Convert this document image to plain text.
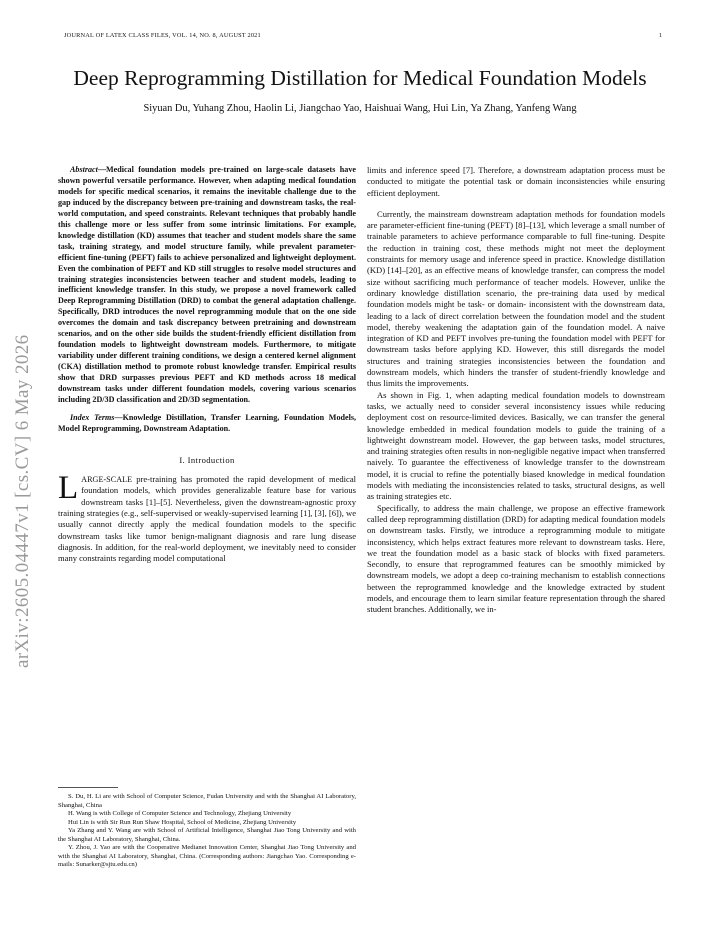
JOURNAL OF LATEX CLASS FILES, VOL. 14, NO. 8, AUGUST 2021	1
Deep Reprogramming Distillation for Medical Foundation Models
Siyuan Du, Yuhang Zhou, Haolin Li, Jiangchao Yao, Haishuai Wang, Hui Lin, Ya Zhang, Yanfeng Wang
arXiv:2605.04447v1 [cs.CV] 6 May 2026

Abstract—Medical foundation models pre-trained on large-scale datasets have shown powerful versatile performance. However, when adapting medical foundation models for specific medical scenarios, it remains the inevitable challenge due to the gap induced by the discrepancy between pre-training and downstream tasks, the real-world computation, and speed constraints. Relevant techniques that probably handle this challenge more or less suffer from some intrinsic limitations. For example, knowledge distillation (KD) assumes that teacher and student models share the same task, training strategy, and model structure family, while prevalent parameter-efficient fine-tuning (PEFT) fails to achieve personalized and lightweight deployment. Even the combination of PEFT and KD still struggles to resolve model structures and training strategies inconsistencies between teacher and student models, leading to inefficient knowledge transfer. In this study, we propose a novel framework called Deep Reprogramming Distillation (DRD) to combat the general adaptation challenge. Specifically, DRD introduces the novel reprogramming module that on the one side overcomes the domain and task discrepancy between pretraining and downstream scenarios, and on the other side builds the student-friendly efficient distillation from foundation models to lightweight downstream models. Furthermore, to mitigate variability under different training conditions, we design a centered kernel alignment (CKA) distillation method to promote robust knowledge transfer. Empirical results show that DRD surpasses previous PEFT and KD methods across 18 medical downstream tasks under different foundation models, covering various scenarios including 2D/3D classification and 2D/3D segmentation.

Index Terms—Knowledge Distillation, Transfer Learning, Foundation Models, Model Reprogramming, Downstream Adaptation.

I. Introduction

LARGE-SCALE pre-training has promoted the rapid development of medical foundation models, which provides generalizable feature base for various downstream tasks [1]–[5]. Nevertheless, given the downstream-agnostic proxy training strategies (e.g., self-supervised or weakly-supervised learning [1], [3], [6]), we usually cannot directly apply the medical foundation models to the specific downstream tasks like tumor benign-malignant diagnosis and rare lung disease diagnosis. In addition, for the real-world deployment, we inevitably need to consider many constraints regarding model computational

S. Du, H. Li are with School of Computer Science, Fudan University and with the Shanghai AI Laboratory, Shanghai, China

H. Wang is with College of Computer Science and Technology, Zhejiang University

Hui Lin is with Sir Run Run Shaw Hospital, School of Medicine, Zhejiang University

Ya Zhang and Y. Wang are with School of Artificial Intelligence, Shanghai Jiao Tong University and with the Shanghai AI Laboratory, Shanghai, China.

Y. Zhou, J. Yao are with the Cooperative Medianet Innovation Center, Shanghai Jiao Tong University and with the Shanghai AI Laboratory, Shanghai, China. (Corresponding authors: Jiangchao Yao. Corresponding e-mails: Sunarker@sjtu.edu.cn)

limits and inference speed [7]. Therefore, a downstream adaptation process must be conducted to mitigate the potential task or domain inconsistencies while ensuring efficient deployment.

Currently, the mainstream downstream adaptation methods for foundation models are parameter-efficient fine-tuning (PEFT) [8]–[13], which leverage a small number of trainable parameters to achieve performance comparable to full fine-tuning. Despite the reduction in training cost, these methods might not meet the deployment constraints for memory usage and inference speed in practice. Knowledge distillation (KD) [14]–[20], as an effective means of knowledge transfer, can compress the model size without sacrificing much performance of teacher models. However, unlike the ordinary knowledge distillation scenario, the pre-training data used by medical foundation models might be task- or domain- inconsistent with the downstream data, leading to a lack of direct correlation between the foundation model and the student model, thereby weakening the adaptation gain of the foundation model. A naive integration of KD and PEFT involves pre-tuning the foundation model with PEFT for downstream tasks before applying KD. However, this still disregards the model structures and training strategies inconsistencies between the foundation and downstream models, which hinders the transfer of student-friendly knowledge and thus limits the improvements.

As shown in Fig. 1, when adapting medical foundation models to downstream tasks, we actually need to consider several inconsistency issues while reducing deployment cost on resource-limited devices. Basically, we can transfer the general knowledge embedded in medical foundation models to guide the training of a lightweight downstream model. However, the gap between tasks, model structures, and training strategies often results in non-negligible negative impact when transferred naively. To guarantee the effectiveness of knowledge transfer to the downstream model, it is crucial to refine the potentially biased knowledge in medical foundation models with mediating the inconsistencies related to tasks, structural designs, as well as training strategies etc.

Specifically, to address the main challenge, we propose an effective framework called deep reprogramming distillation (DRD) for adapting medical foundation models on downstream tasks. Firstly, we introduce a reprogramming module to mitigate inconsistency, which helps extract features more relevant to downstream tasks. Here, we treat the foundation model as a basic stack of blocks with fixed parameters. Secondly, to ensure that reprogrammed features can be smoothly mimicked by downstream models, we adopt a deep co-training mechanism to establish connections between the reprogrammed knowledge and the knowledge extracted by student models, and encourage them to learn similar feature representation through the shared student branches. Additionally, we in-
